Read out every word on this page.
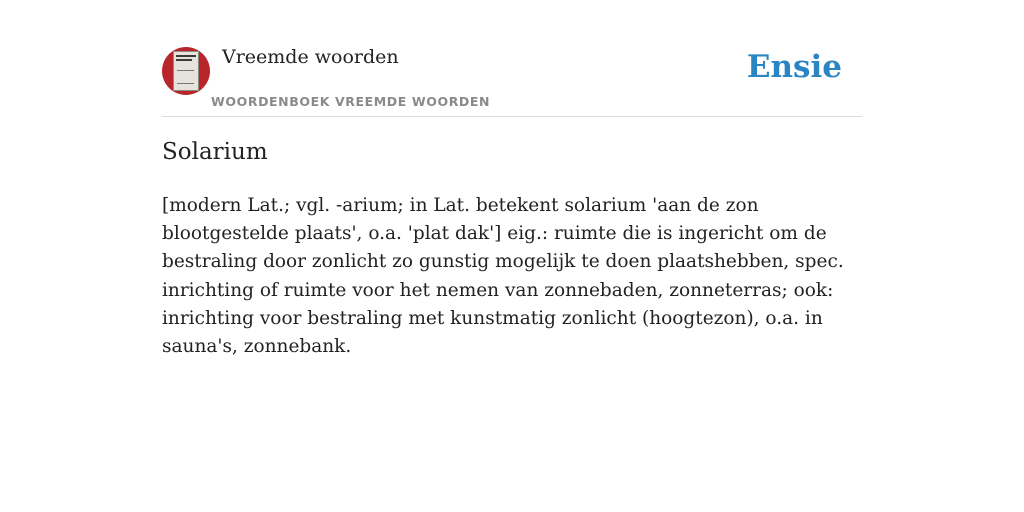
Vreemde woorden
WOORDENBOEK VREEMDE WOORDEN
Ensie
Solarium

[modern Lat.; vgl. -arium; in Lat. betekent solarium 'aan de zon blootgestelde plaats', o.a. 'plat dak'] eig.: ruimte die is ingericht om de bestraling door zonlicht zo gunstig mogelijk te doen plaatshebben, spec. inrichting of ruimte voor het nemen van zonnebaden, zonneterras; ook: inrichting voor bestraling met kunstmatig zonlicht (hoogtezon), o.a. in sauna's, zonnebank.
